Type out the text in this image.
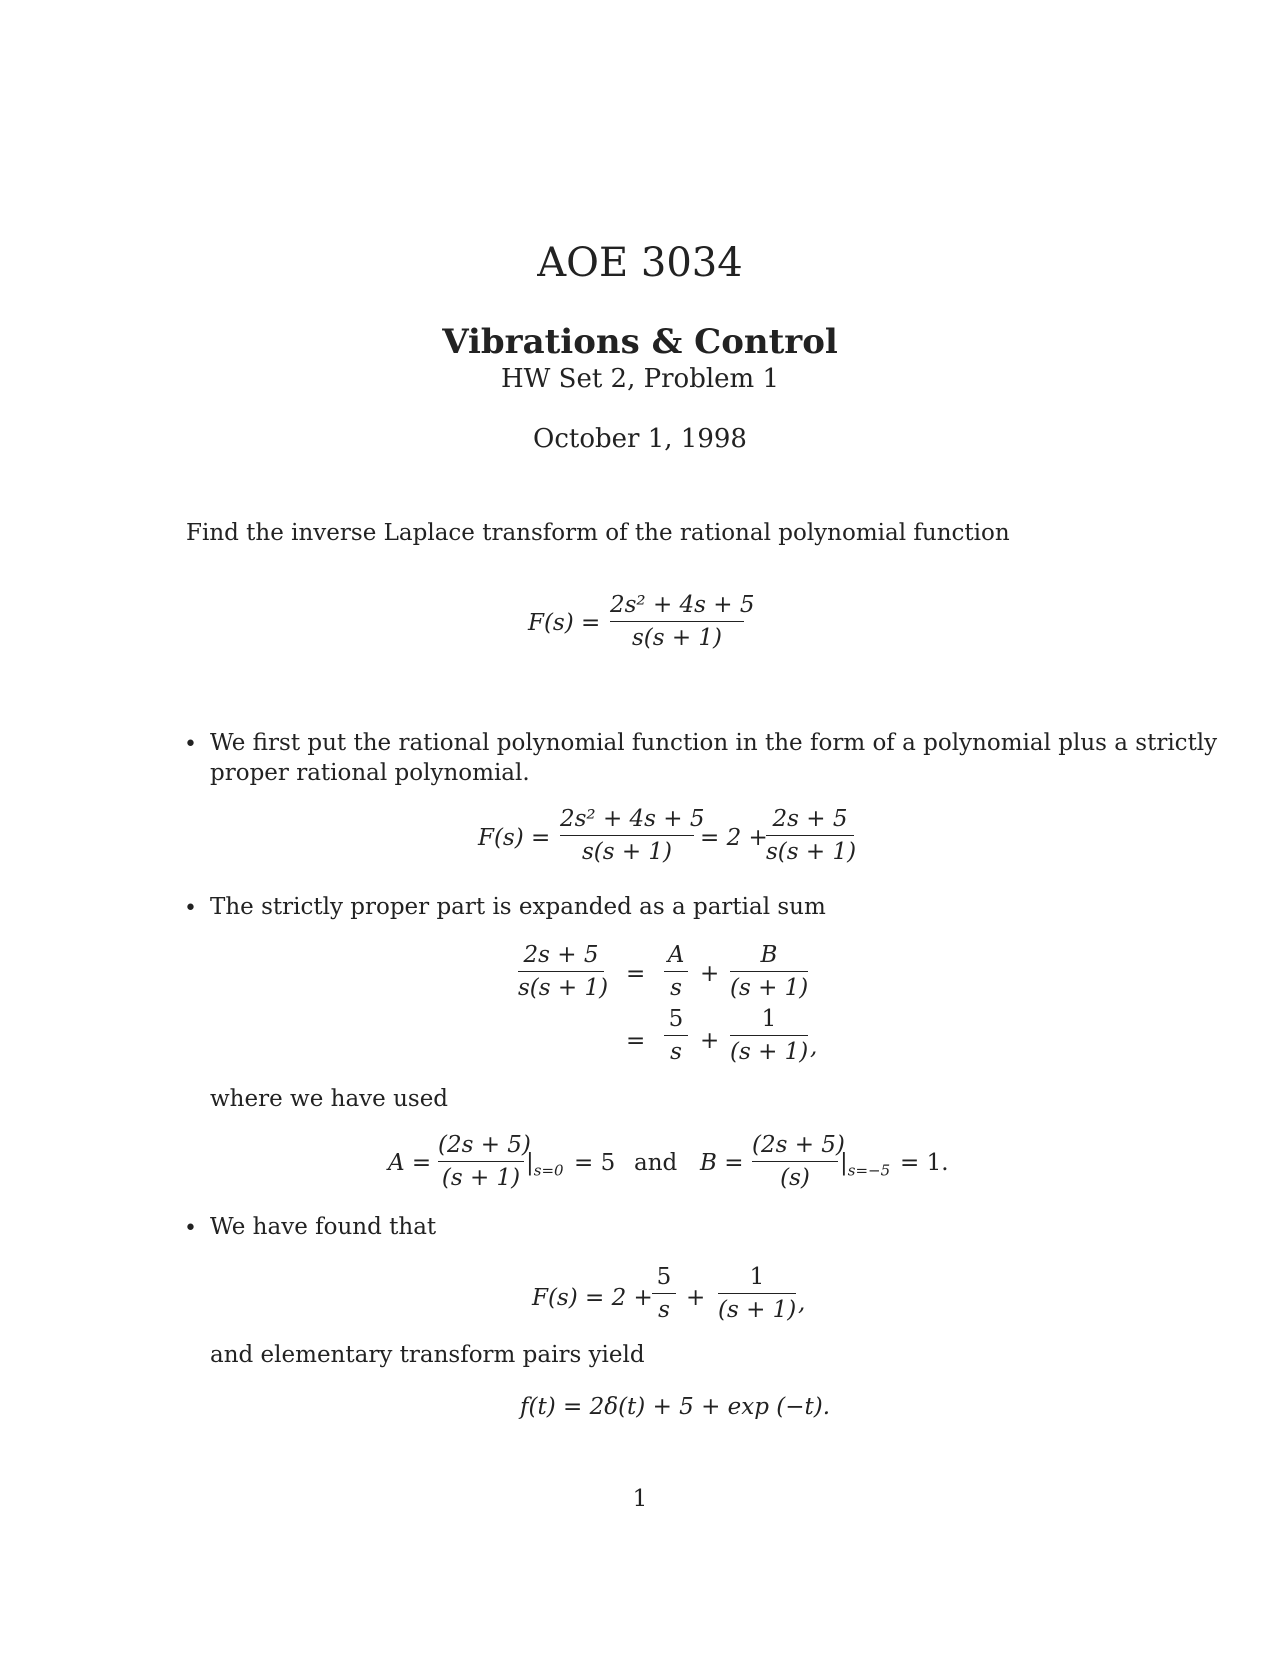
AOE 3034
Vibrations & Control
HW Set 2, Problem 1
October 1, 1998
Find the inverse Laplace transform of the rational polynomial function
F(s) =
2s² + 4s + 5
s(s + 1)
• We first put the rational polynomial function in the form of a polynomial plus a strictly
proper rational polynomial.
F(s) =
2s² + 4s + 5
s(s + 1)
= 2 +
2s + 5
s(s + 1)
• The strictly proper part is expanded as a partial sum
2s + 5
s(s + 1)
=
A
s
+
B
(s + 1)
=
5
s +
1
(s + 1) ,
where we have used
A =
(2s + 5)
(s + 1)
$|_{s=0} = 5$ and B =
(2s + 5)
(s)
$|_{s=-5} = 1$.
• We have found that
F(s) = 2 +
5
s +
1
(s + 1) ,
and elementary transform pairs yield
f(t) = 2δ(t) + 5 + exp (−t).
1
